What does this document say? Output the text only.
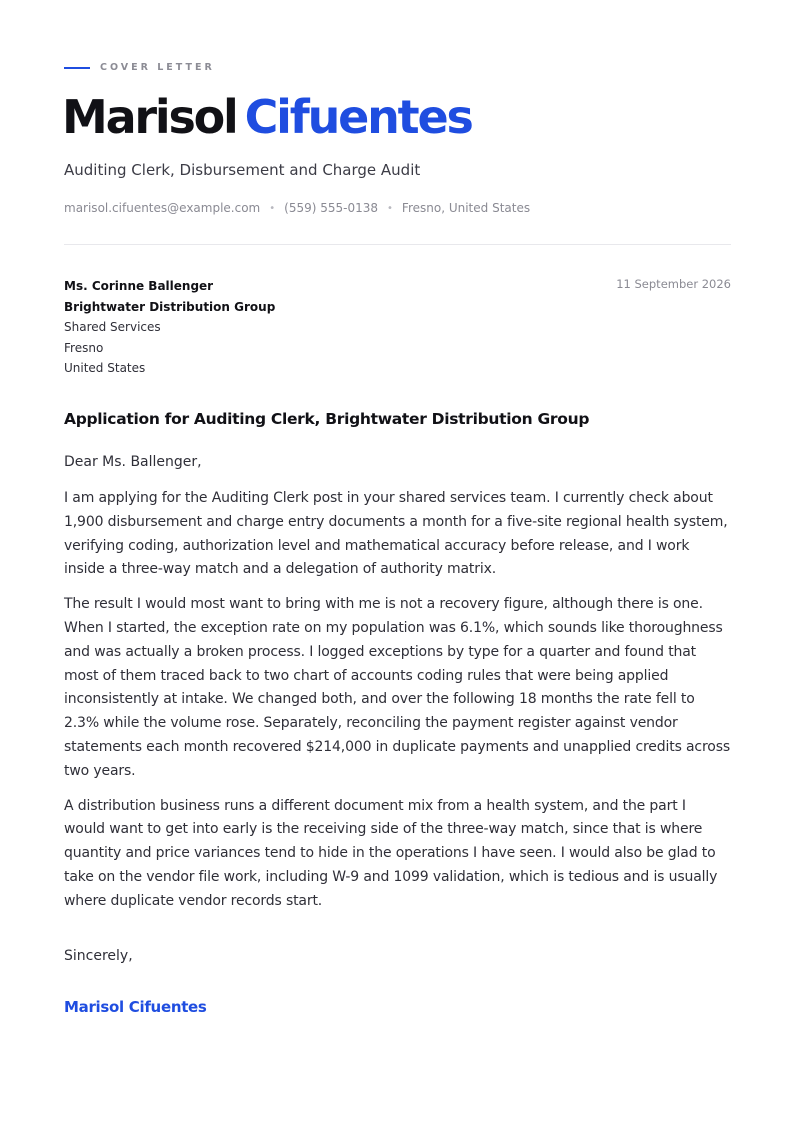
COVER LETTER
Marisol Cifuentes
Auditing Clerk, Disbursement and Charge Audit
marisol.cifuentes@example.com • (559) 555-0138 • Fresno, United States
Ms. Corinne Ballenger
Brightwater Distribution Group
Shared Services
Fresno
United States
11 September 2026
Application for Auditing Clerk, Brightwater Distribution Group
Dear Ms. Ballenger,

I am applying for the Auditing Clerk post in your shared services team. I currently check about 1,900 disbursement and charge entry documents a month for a five-site regional health system, verifying coding, authorization level and mathematical accuracy before release, and I work inside a three-way match and a delegation of authority matrix.

The result I would most want to bring with me is not a recovery figure, although there is one. When I started, the exception rate on my population was 6.1%, which sounds like thoroughness and was actually a broken process. I logged exceptions by type for a quarter and found that most of them traced back to two chart of accounts coding rules that were being applied inconsistently at intake. We changed both, and over the following 18 months the rate fell to 2.3% while the volume rose. Separately, reconciling the payment register against vendor statements each month recovered $214,000 in duplicate payments and unapplied credits across two years.

A distribution business runs a different document mix from a health system, and the part I would want to get into early is the receiving side of the three-way match, since that is where quantity and price variances tend to hide in the operations I have seen. I would also be glad to take on the vendor file work, including W-9 and 1099 validation, which is tedious and is usually where duplicate vendor records start.

Sincerely,
Marisol Cifuentes
